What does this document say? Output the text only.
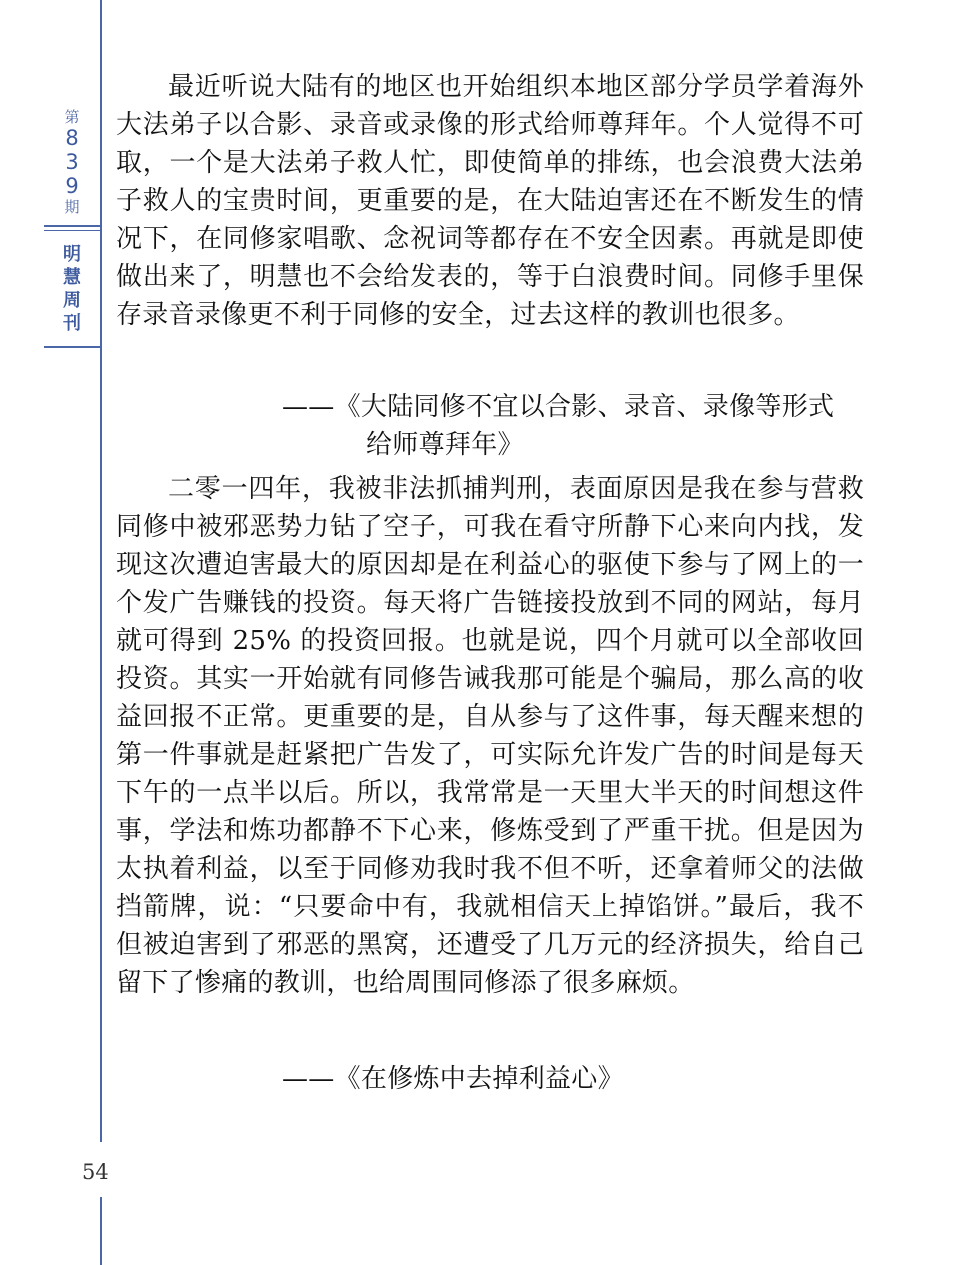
第
8
3
9
期
明
慧
周
刊

最近听说大陆有的地区也开始组织本地区部分学员学着海外大法弟子以合影、录音或录像的形式给师尊拜年。个人觉得不可取，一个是大法弟子救人忙，即使简单的排练，也会浪费大法弟子救人的宝贵时间，更重要的是，在大陆迫害还在不断发生的情况下，在同修家唱歌、念祝词等都存在不安全因素。再就是即使做出来了，明慧也不会给发表的，等于白浪费时间。同修手里保存录音录像更不利于同修的安全，过去这样的教训也很多。

——《大陆同修不宜以合影、录音、录像等形式
给师尊拜年》

二零一四年，我被非法抓捕判刑，表面原因是我在参与营救同修中被邪恶势力钻了空子，可我在看守所静下心来向内找，发现这次遭迫害最大的原因却是在利益心的驱使下参与了网上的一个发广告赚钱的投资。每天将广告链接投放到不同的网站，每月就可得到 25% 的投资回报。也就是说，四个月就可以全部收回投资。其实一开始就有同修告诫我那可能是个骗局，那么高的收益回报不正常。更重要的是，自从参与了这件事，每天醒来想的第一件事就是赶紧把广告发了，可实际允许发广告的时间是每天下午的一点半以后。所以，我常常是一天里大半天的时间想这件事，学法和炼功都静不下心来，修炼受到了严重干扰。但是因为太执着利益，以至于同修劝我时我不但不听，还拿着师父的法做挡箭牌，说：“只要命中有，我就相信天上掉馅饼。”最后，我不但被迫害到了邪恶的黑窝，还遭受了几万元的经济损失，给自己留下了惨痛的教训，也给周围同修添了很多麻烦。

——《在修炼中去掉利益心》

54
